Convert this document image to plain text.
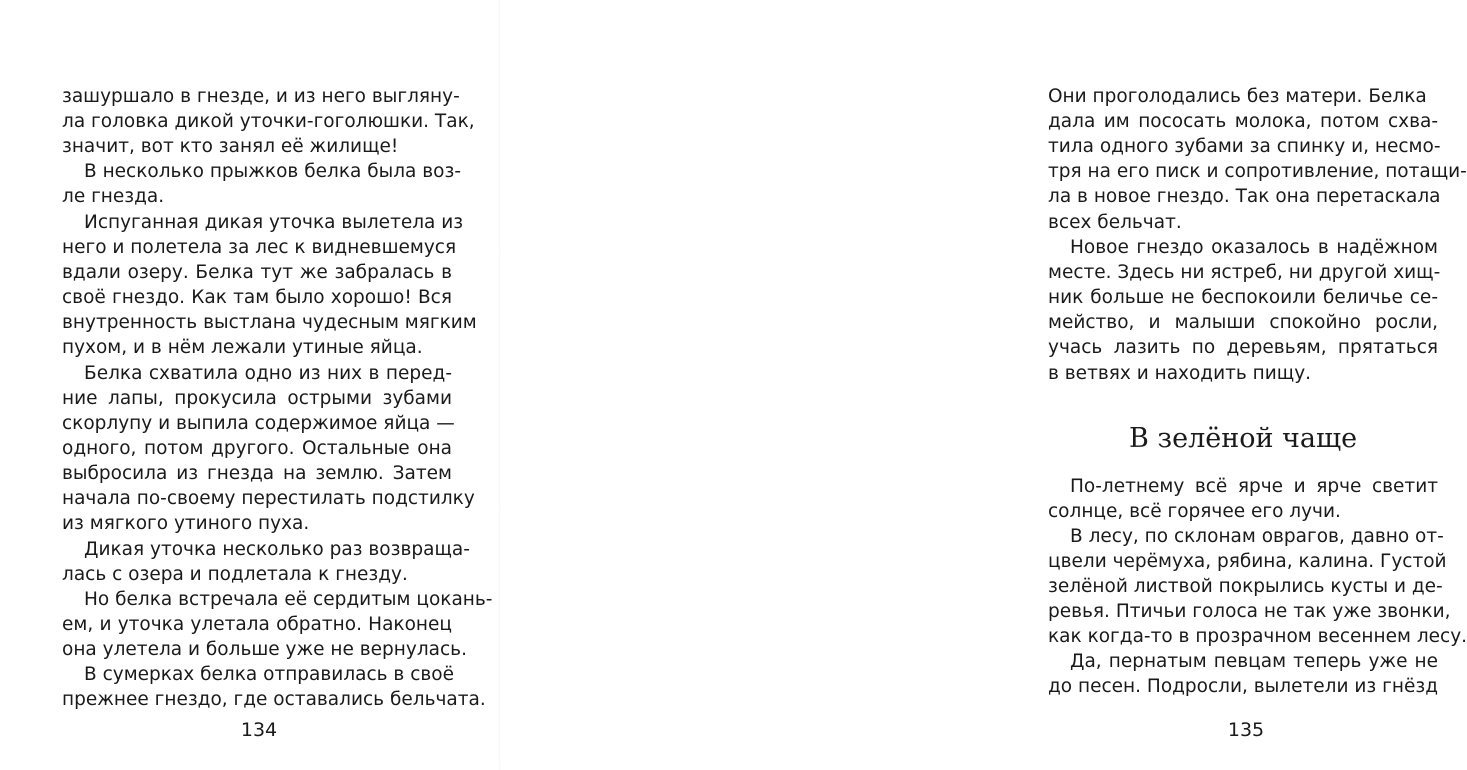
зашуршало в гнезде, и из него выгляну-

ла головка дикой уточки-гоголюшки. Так,

значит, вот кто занял её жилище!

В несколько прыжков белка была воз-

ле гнезда.

Испуганная дикая уточка вылетела из

него и полетела за лес к видневшемуся

вдали озеру. Белка тут же забралась в

своё гнездо. Как там было хорошо! Вся

внутренность выстлана чудесным мягким

пухом, и в нём лежали утиные яйца.

Белка схватила одно из них в перед-

ние лапы, прокусила острыми зубами

скорлупу и выпила содержимое яйца —

одного, потом другого. Остальные она

выбросила из гнезда на землю. Затем

начала по-своему перестилать подстилку

из мягкого утиного пуха.

Дикая уточка несколько раз возвраща-

лась с озера и подлетала к гнезду.

Но белка встречала её сердитым цокань-

ем, и уточка улетала обратно. Наконец

она улетела и больше уже не вернулась.

В сумерках белка отправилась в своё

прежнее гнездо, где оставались бельчата.

134

Они проголодались без матери. Белка

дала им пососать молока, потом схва-

тила одного зубами за спинку и, несмо-

тря на его писк и сопротивление, потащи-

ла в новое гнездо. Так она перетаскала

всех бельчат.

Новое гнездо оказалось в надёжном

месте. Здесь ни ястреб, ни другой хищ-

ник больше не беспокоили беличье се-

мейство, и малыши спокойно росли,

учась лазить по деревьям, прятаться

в ветвях и находить пищу.

В зелёной чаще

По-летнему всё ярче и ярче светит

солнце, всё горячее его лучи.

В лесу, по склонам оврагов, давно от-

цвели черёмуха, рябина, калина. Густой

зелёной листвой покрылись кусты и де-

ревья. Птичьи голоса не так уже звонки,

как когда-то в прозрачном весеннем лесу.

Да, пернатым певцам теперь уже не

до песен. Подросли, вылетели из гнёзд

135
